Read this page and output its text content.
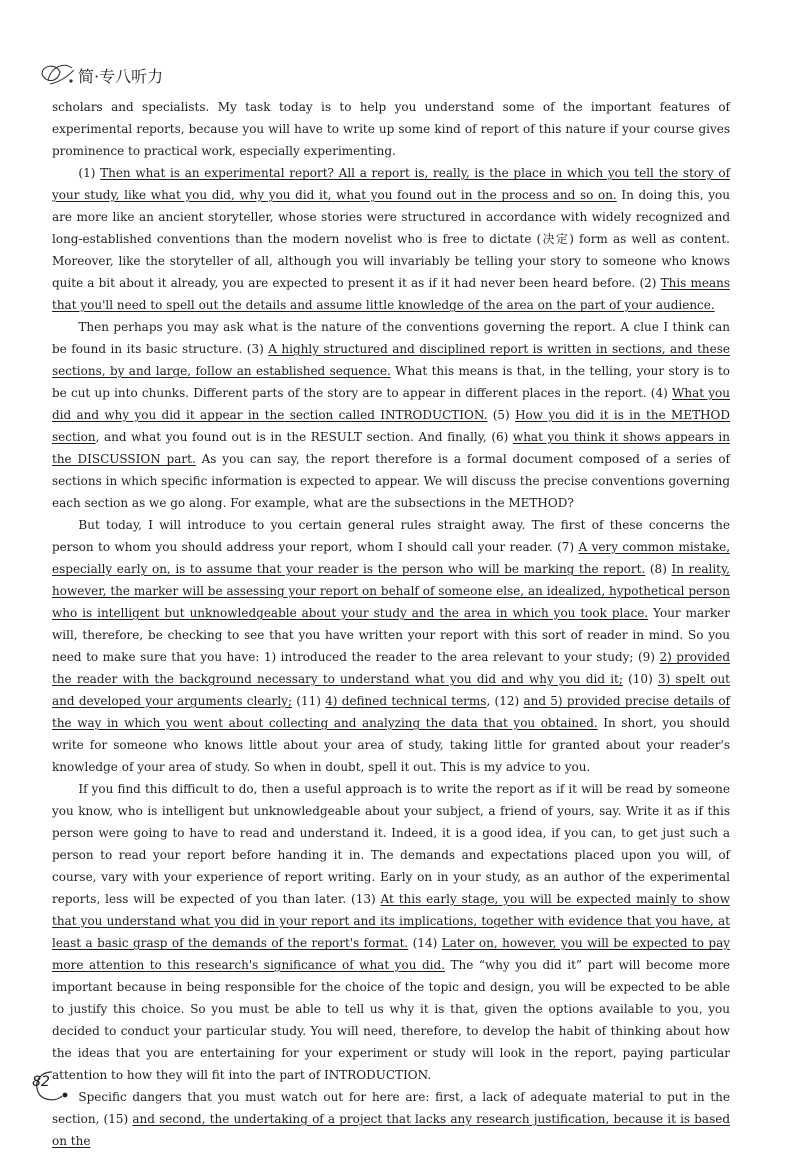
简·专八听力

scholars and specialists. My task today is to help you understand some of the important features of experimental reports, because you will have to write up some kind of report of this nature if your course gives prominence to practical work, especially experimenting.

(1) Then what is an experimental report? All a report is, really, is the place in which you tell the story of your study, like what you did, why you did it, what you found out in the process and so on. In doing this, you are more like an ancient storyteller, whose stories were structured in accordance with widely recognized and long-established conventions than the modern novelist who is free to dictate (决定) form as well as content. Moreover, like the storyteller of all, although you will invariably be telling your story to someone who knows quite a bit about it already, you are expected to present it as if it had never been heard before. (2) This means that you'll need to spell out the details and assume little knowledge of the area on the part of your audience.

Then perhaps you may ask what is the nature of the conventions governing the report. A clue I think can be found in its basic structure. (3) A highly structured and disciplined report is written in sections, and these sections, by and large, follow an established sequence. What this means is that, in the telling, your story is to be cut up into chunks. Different parts of the story are to appear in different places in the report. (4) What you did and why you did it appear in the section called INTRODUCTION. (5) How you did it is in the METHOD section, and what you found out is in the RESULT section. And finally, (6) what you think it shows appears in the DISCUSSION part. As you can say, the report therefore is a formal document composed of a series of sections in which specific information is expected to appear. We will discuss the precise conventions governing each section as we go along. For example, what are the subsections in the METHOD?

But today, I will introduce to you certain general rules straight away. The first of these concerns the person to whom you should address your report, whom I should call your reader. (7) A very common mistake, especially early on, is to assume that your reader is the person who will be marking the report. (8) In reality, however, the marker will be assessing your report on behalf of someone else, an idealized, hypothetical person who is intelligent but unknowledgeable about your study and the area in which you took place. Your marker will, therefore, be checking to see that you have written your report with this sort of reader in mind. So you need to make sure that you have: 1) introduced the reader to the area relevant to your study; (9) 2) provided the reader with the background necessary to understand what you did and why you did it; (10) 3) spelt out and developed your arguments clearly; (11) 4) defined technical terms, (12) and 5) provided precise details of the way in which you went about collecting and analyzing the data that you obtained. In short, you should write for someone who knows little about your area of study, taking little for granted about your reader's knowledge of your area of study. So when in doubt, spell it out. This is my advice to you.

If you find this difficult to do, then a useful approach is to write the report as if it will be read by someone you know, who is intelligent but unknowledgeable about your subject, a friend of yours, say. Write it as if this person were going to have to read and understand it. Indeed, it is a good idea, if you can, to get just such a person to read your report before handing it in. The demands and expectations placed upon you will, of course, vary with your experience of report writing. Early on in your study, as an author of the experimental reports, less will be expected of you than later. (13) At this early stage, you will be expected mainly to show that you understand what you did in your report and its implications, together with evidence that you have, at least a basic grasp of the demands of the report's format. (14) Later on, however, you will be expected to pay more attention to this research's significance of what you did. The “why you did it” part will become more important because in being responsible for the choice of the topic and design, you will be expected to be able to justify this choice. So you must be able to tell us why it is that, given the options available to you, you decided to conduct your particular study. You will need, therefore, to develop the habit of thinking about how the ideas that you are entertaining for your experiment or study will look in the report, paying particular attention to how they will fit into the part of INTRODUCTION.

Specific dangers that you must watch out for here are: first, a lack of adequate material to put in the section, (15) and second, the undertaking of a project that lacks any research justification, because it is based on the

82
